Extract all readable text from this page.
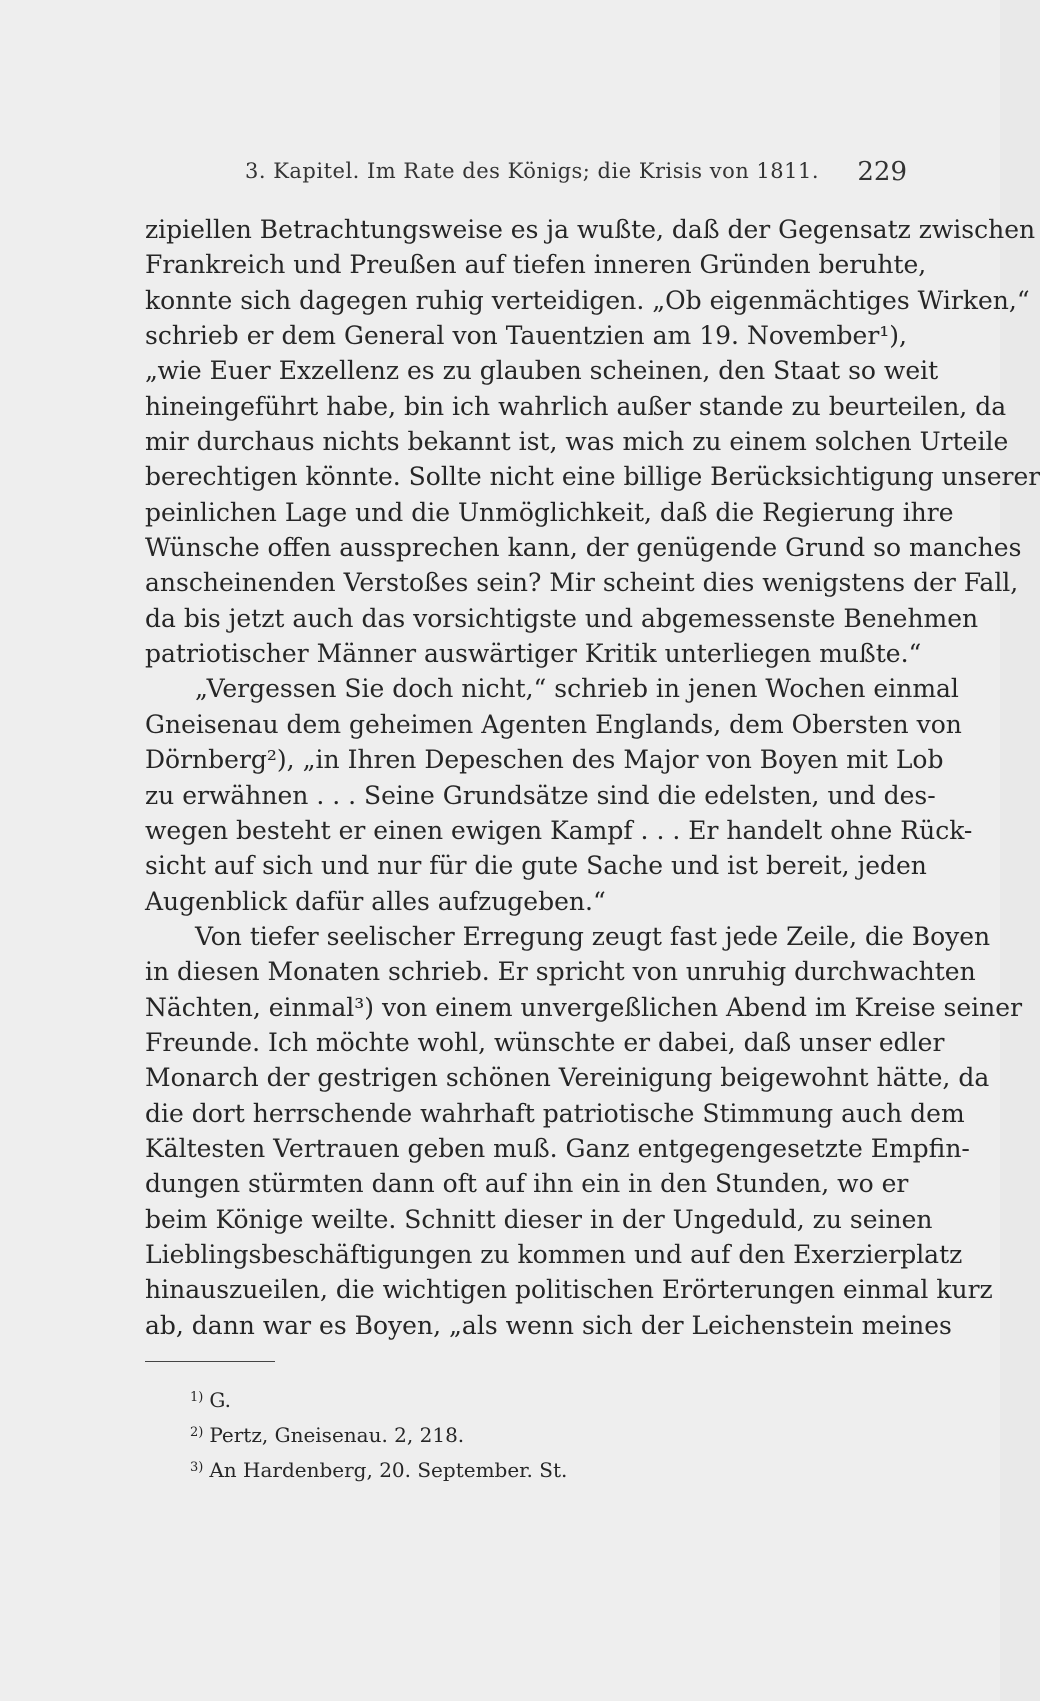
3. Kapitel. Im Rate des Königs; die Krisis von 1811. 229
zipiellen Betrachtungsweise es ja wußte, daß der Gegensatz zwischen
Frankreich und Preußen auf tiefen inneren Gründen beruhte,
konnte sich dagegen ruhig verteidigen. „Ob eigenmächtiges Wirken,“
schrieb er dem General von Tauentzien am 19. November¹),
„wie Euer Exzellenz es zu glauben scheinen, den Staat so weit
hineingeführt habe, bin ich wahrlich außer stande zu beurteilen, da
mir durchaus nichts bekannt ist, was mich zu einem solchen Urteile
berechtigen könnte. Sollte nicht eine billige Berücksichtigung unserer
peinlichen Lage und die Unmöglichkeit, daß die Regierung ihre
Wünsche offen aussprechen kann, der genügende Grund so manches
anscheinenden Verstoßes sein? Mir scheint dies wenigstens der Fall,
da bis jetzt auch das vorsichtigste und abgemessenste Benehmen
patriotischer Männer auswärtiger Kritik unterliegen mußte.“
„Vergessen Sie doch nicht,“ schrieb in jenen Wochen einmal
Gneisenau dem geheimen Agenten Englands, dem Obersten von
Dörnberg²), „in Ihren Depeschen des Major von Boyen mit Lob
zu erwähnen . . . Seine Grundsätze sind die edelsten, und des-
wegen besteht er einen ewigen Kampf . . . Er handelt ohne Rück-
sicht auf sich und nur für die gute Sache und ist bereit, jeden
Augenblick dafür alles aufzugeben.“
Von tiefer seelischer Erregung zeugt fast jede Zeile, die Boyen
in diesen Monaten schrieb. Er spricht von unruhig durchwachten
Nächten, einmal³) von einem unvergeßlichen Abend im Kreise seiner
Freunde. Ich möchte wohl, wünschte er dabei, daß unser edler
Monarch der gestrigen schönen Vereinigung beigewohnt hätte, da
die dort herrschende wahrhaft patriotische Stimmung auch dem
Kältesten Vertrauen geben muß. Ganz entgegengesetzte Empfin-
dungen stürmten dann oft auf ihn ein in den Stunden, wo er
beim Könige weilte. Schnitt dieser in der Ungeduld, zu seinen
Lieblingsbeschäftigungen zu kommen und auf den Exerzierplatz
hinauszueilen, die wichtigen politischen Erörterungen einmal kurz
ab, dann war es Boyen, „als wenn sich der Leichenstein meines
$^{1)}$ G.
$^{2)}$ Pertz, Gneisenau. 2, 218.
$^{3)}$ An Hardenberg, 20. September. St.
